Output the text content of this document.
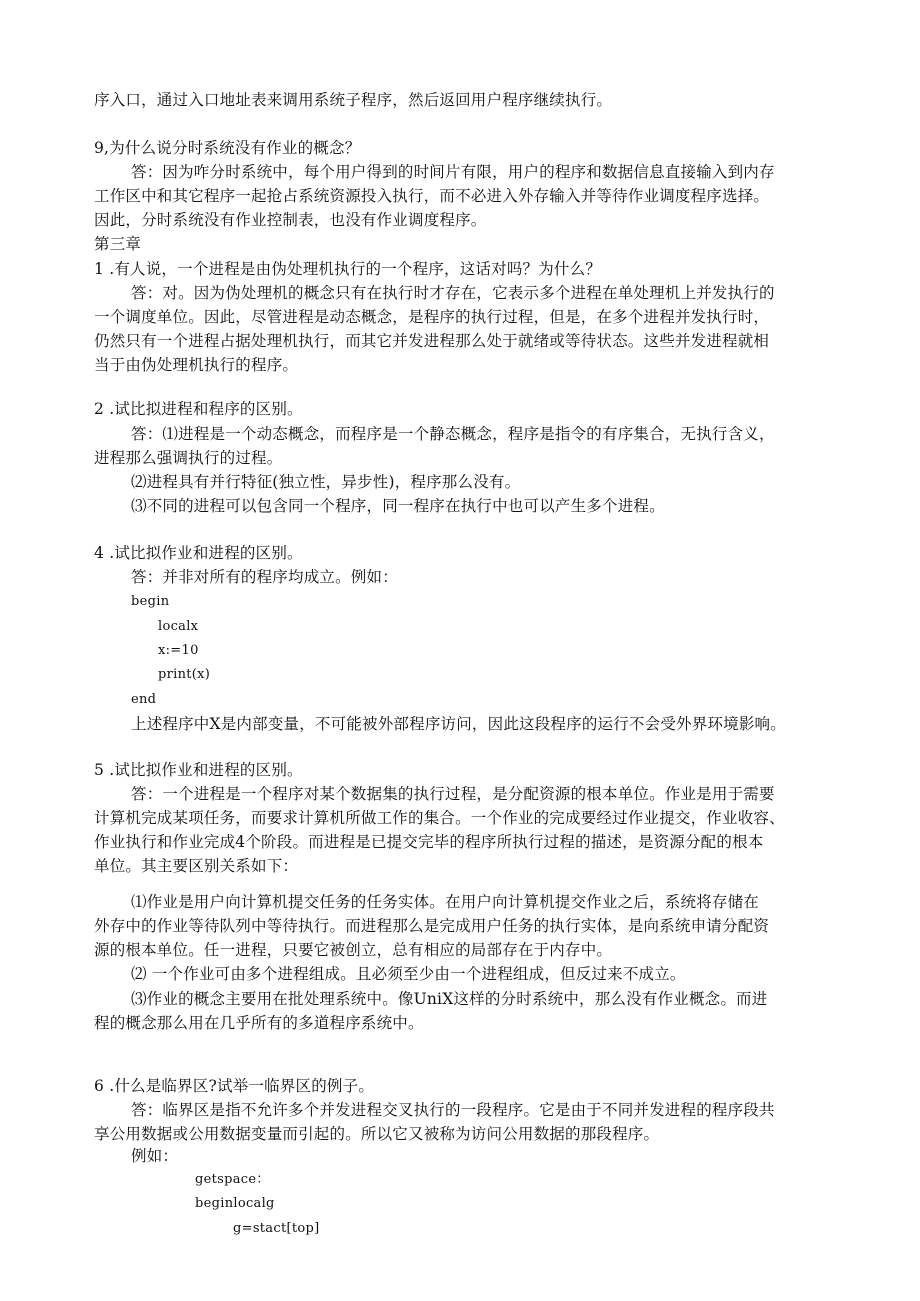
序入口，通过入口地址表来调用系统子程序，然后返回用户程序继续执行。
9,为什么说分时系统没有作业的概念？
答：因为咋分时系统中，每个用户得到的时间片有限，用户的程序和数据信息直接输入到内存
工作区中和其它程序一起抢占系统资源投入执行，而不必进入外存输入并等待作业调度程序选择。
因此，分时系统没有作业控制表，也没有作业调度程序。
第三章
1 .有人说，一个进程是由伪处理机执行的一个程序，这话对吗？为什么？
答：对。因为伪处理机的概念只有在执行时才存在，它表示多个进程在单处理机上并发执行的
一个调度单位。因此，尽管进程是动态概念，是程序的执行过程，但是，在多个进程并发执行时，
仍然只有一个进程占据处理机执行，而其它并发进程那么处于就绪或等待状态。这些并发进程就相
当于由伪处理机执行的程序。
2 .试比拟进程和程序的区别。
答：⑴进程是一个动态概念，而程序是一个静态概念，程序是指令的有序集合，无执行含义，
进程那么强调执行的过程。
⑵进程具有并行特征(独立性，异步性)，程序那么没有。
⑶不同的进程可以包含同一个程序，同一程序在执行中也可以产生多个进程。
4 .试比拟作业和进程的区别。
答：并非对所有的程序均成立。例如：
begin
localx
x:=10
print(x)
end
上述程序中X是内部变量，不可能被外部程序访问，因此这段程序的运行不会受外界环境影响。
5 .试比拟作业和进程的区别。
答：一个进程是一个程序对某个数据集的执行过程，是分配资源的根本单位。作业是用于需要
计算机完成某项任务，而要求计算机所做工作的集合。一个作业的完成要经过作业提交，作业收容、
作业执行和作业完成4个阶段。而进程是已提交完毕的程序所执行过程的描述，是资源分配的根本
单位。其主要区别关系如下：
⑴作业是用户向计算机提交任务的任务实体。在用户向计算机提交作业之后，系统将存储在
外存中的作业等待队列中等待执行。而进程那么是完成用户任务的执行实体，是向系统申请分配资
源的根本单位。任一进程，只要它被创立，总有相应的局部存在于内存中。
⑵ 一个作业可由多个进程组成。且必须至少由一个进程组成，但反过来不成立。
⑶作业的概念主要用在批处理系统中。像UniX这样的分时系统中，那么没有作业概念。而进
程的概念那么用在几乎所有的多道程序系统中。
6 .什么是临界区?试举一临界区的例子。
答：临界区是指不允许多个并发进程交叉执行的一段程序。它是由于不同并发进程的程序段共
享公用数据或公用数据变量而引起的。所以它又被称为访问公用数据的那段程序。
例如：
getspace：
beginlocalg
g=stact[top]
